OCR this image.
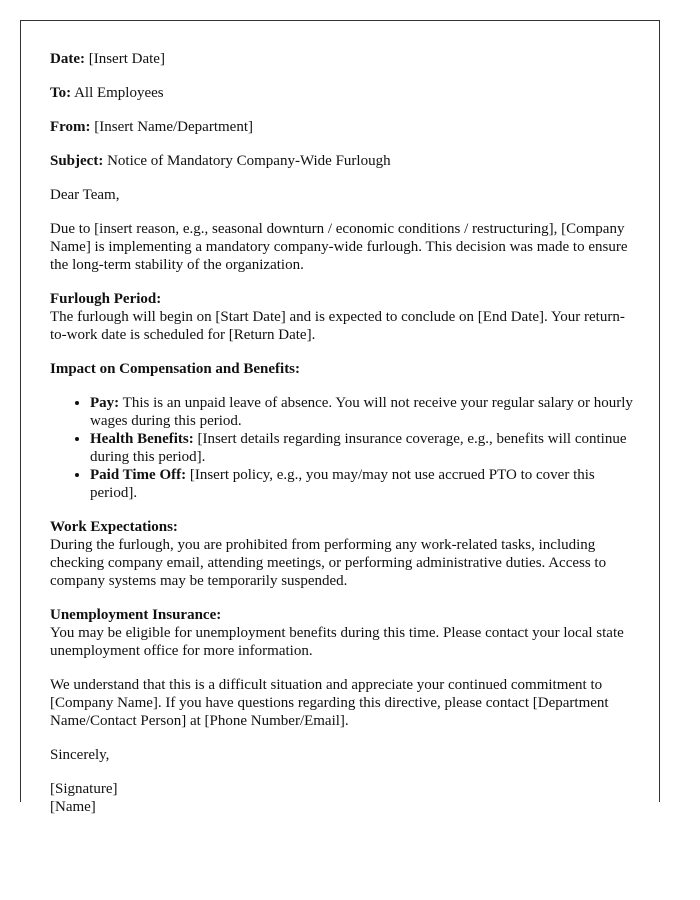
Date: [Insert Date]

To: All Employees

From: [Insert Name/Department]

Subject: Notice of Mandatory Company-Wide Furlough

Dear Team,

Due to [insert reason, e.g., seasonal downturn / economic conditions / restructuring], [Company Name] is implementing a mandatory company-wide furlough. This decision was made to ensure the long-term stability of the organization.

Furlough Period:
The furlough will begin on [Start Date] and is expected to conclude on [End Date]. Your return-to-work date is scheduled for [Return Date].

Impact on Compensation and Benefits:

• Pay: This is an unpaid leave of absence. You will not receive your regular salary or hourly wages during this period.
• Health Benefits: [Insert details regarding insurance coverage, e.g., benefits will continue during this period].
• Paid Time Off: [Insert policy, e.g., you may/may not use accrued PTO to cover this period].

Work Expectations:
During the furlough, you are prohibited from performing any work-related tasks, including checking company email, attending meetings, or performing administrative duties. Access to company systems may be temporarily suspended.

Unemployment Insurance:
You may be eligible for unemployment benefits during this time. Please contact your local state unemployment office for more information.

We understand that this is a difficult situation and appreciate your continued commitment to [Company Name]. If you have questions regarding this directive, please contact [Department Name/Contact Person] at [Phone Number/Email].

Sincerely,

[Signature]

[Name]
